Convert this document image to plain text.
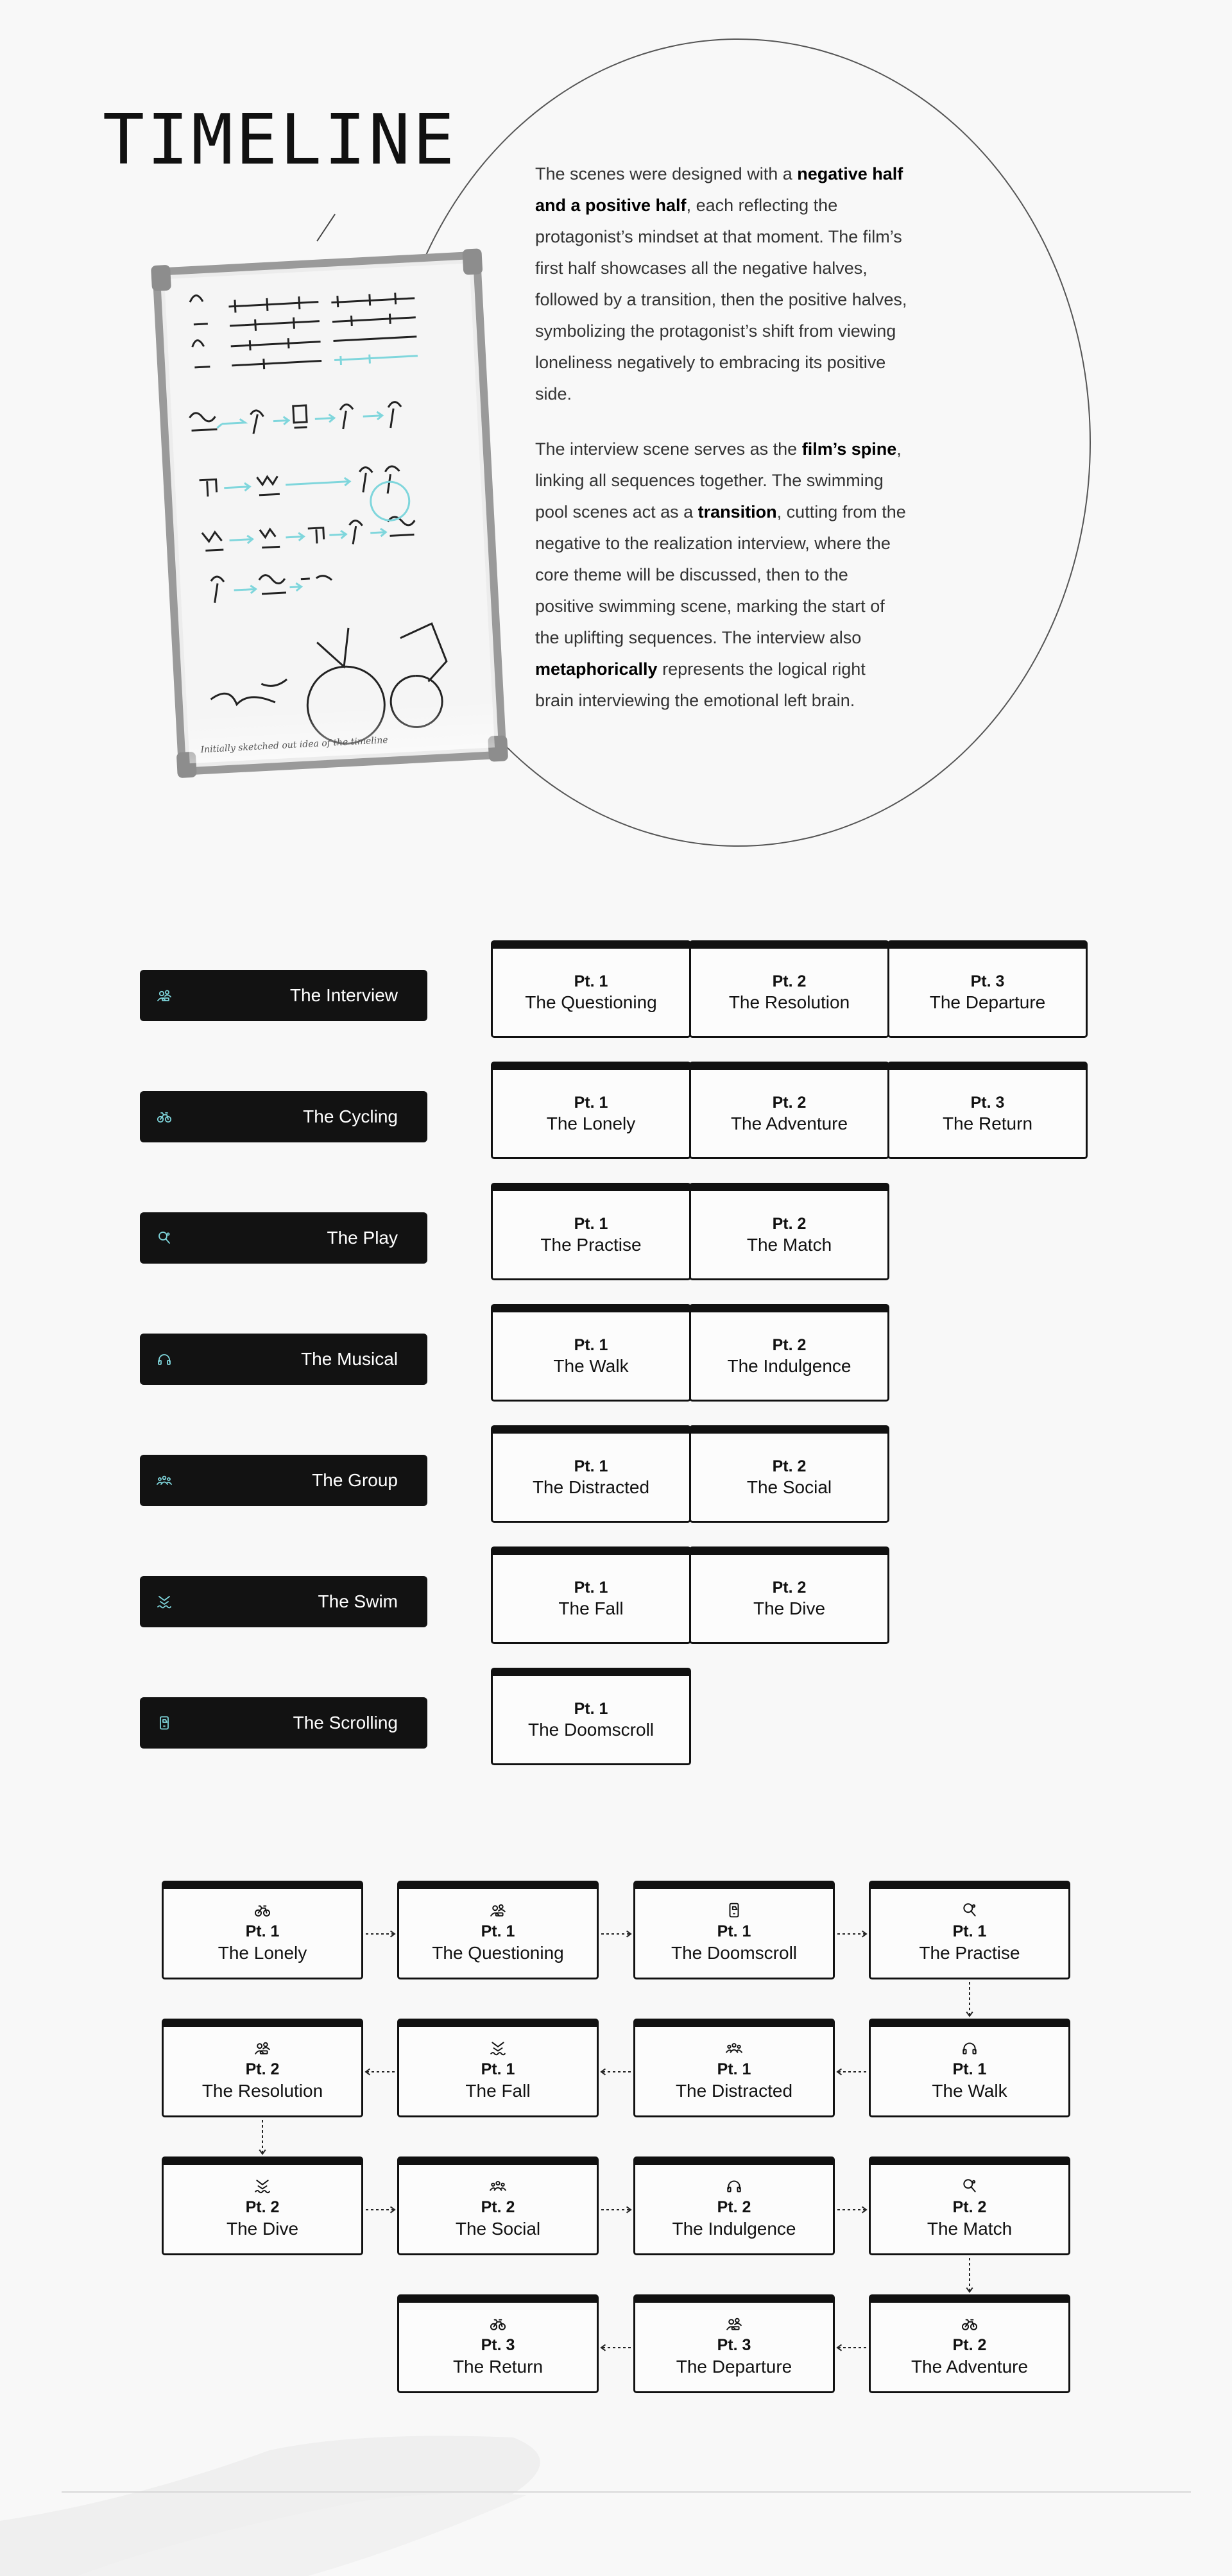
TIMELINE
Initially sketched out idea of the timeline

The scenes were designed with a negative half and a positive half, each reflecting the protagonist’s mindset at that moment. The film’s first half showcases all the negative halves, followed by a transition, then the positive halves, symbolizing the protagonist’s shift from viewing loneliness negatively to embracing its positive side.

The interview scene serves as the film’s spine, linking all sequences together. The swimming pool scenes act as a transition, cutting from the negative to the realization interview, where the core theme will be discussed, then to the positive swimming scene, marking the start of the uplifting sequences. The interview also metaphorically represents the logical right brain interviewing the emotional left brain.

The Interview
Pt. 1
The Questioning
Pt. 2
The Resolution
Pt. 3
The Departure
The Cycling
Pt. 1
The Lonely
Pt. 2
The Adventure
Pt. 3
The Return
The Play
Pt. 1
The Practise
Pt. 2
The Match
The Musical
Pt. 1
The Walk
Pt. 2
The Indulgence
The Group
Pt. 1
The Distracted
Pt. 2
The Social
The Swim
Pt. 1
The Fall
Pt. 2
The Dive
The Scrolling
Pt. 1
The Doomscroll
Pt. 1
The Lonely
Pt. 1
The Questioning
Pt. 1
The Doomscroll
Pt. 1
The Practise
Pt. 1
The Walk
Pt. 1
The Distracted
Pt. 1
The Fall
Pt. 2
The Resolution
Pt. 2
The Dive
Pt. 2
The Social
Pt. 2
The Indulgence
Pt. 2
The Match
Pt. 2
The Adventure
Pt. 3
The Departure
Pt. 3
The Return
